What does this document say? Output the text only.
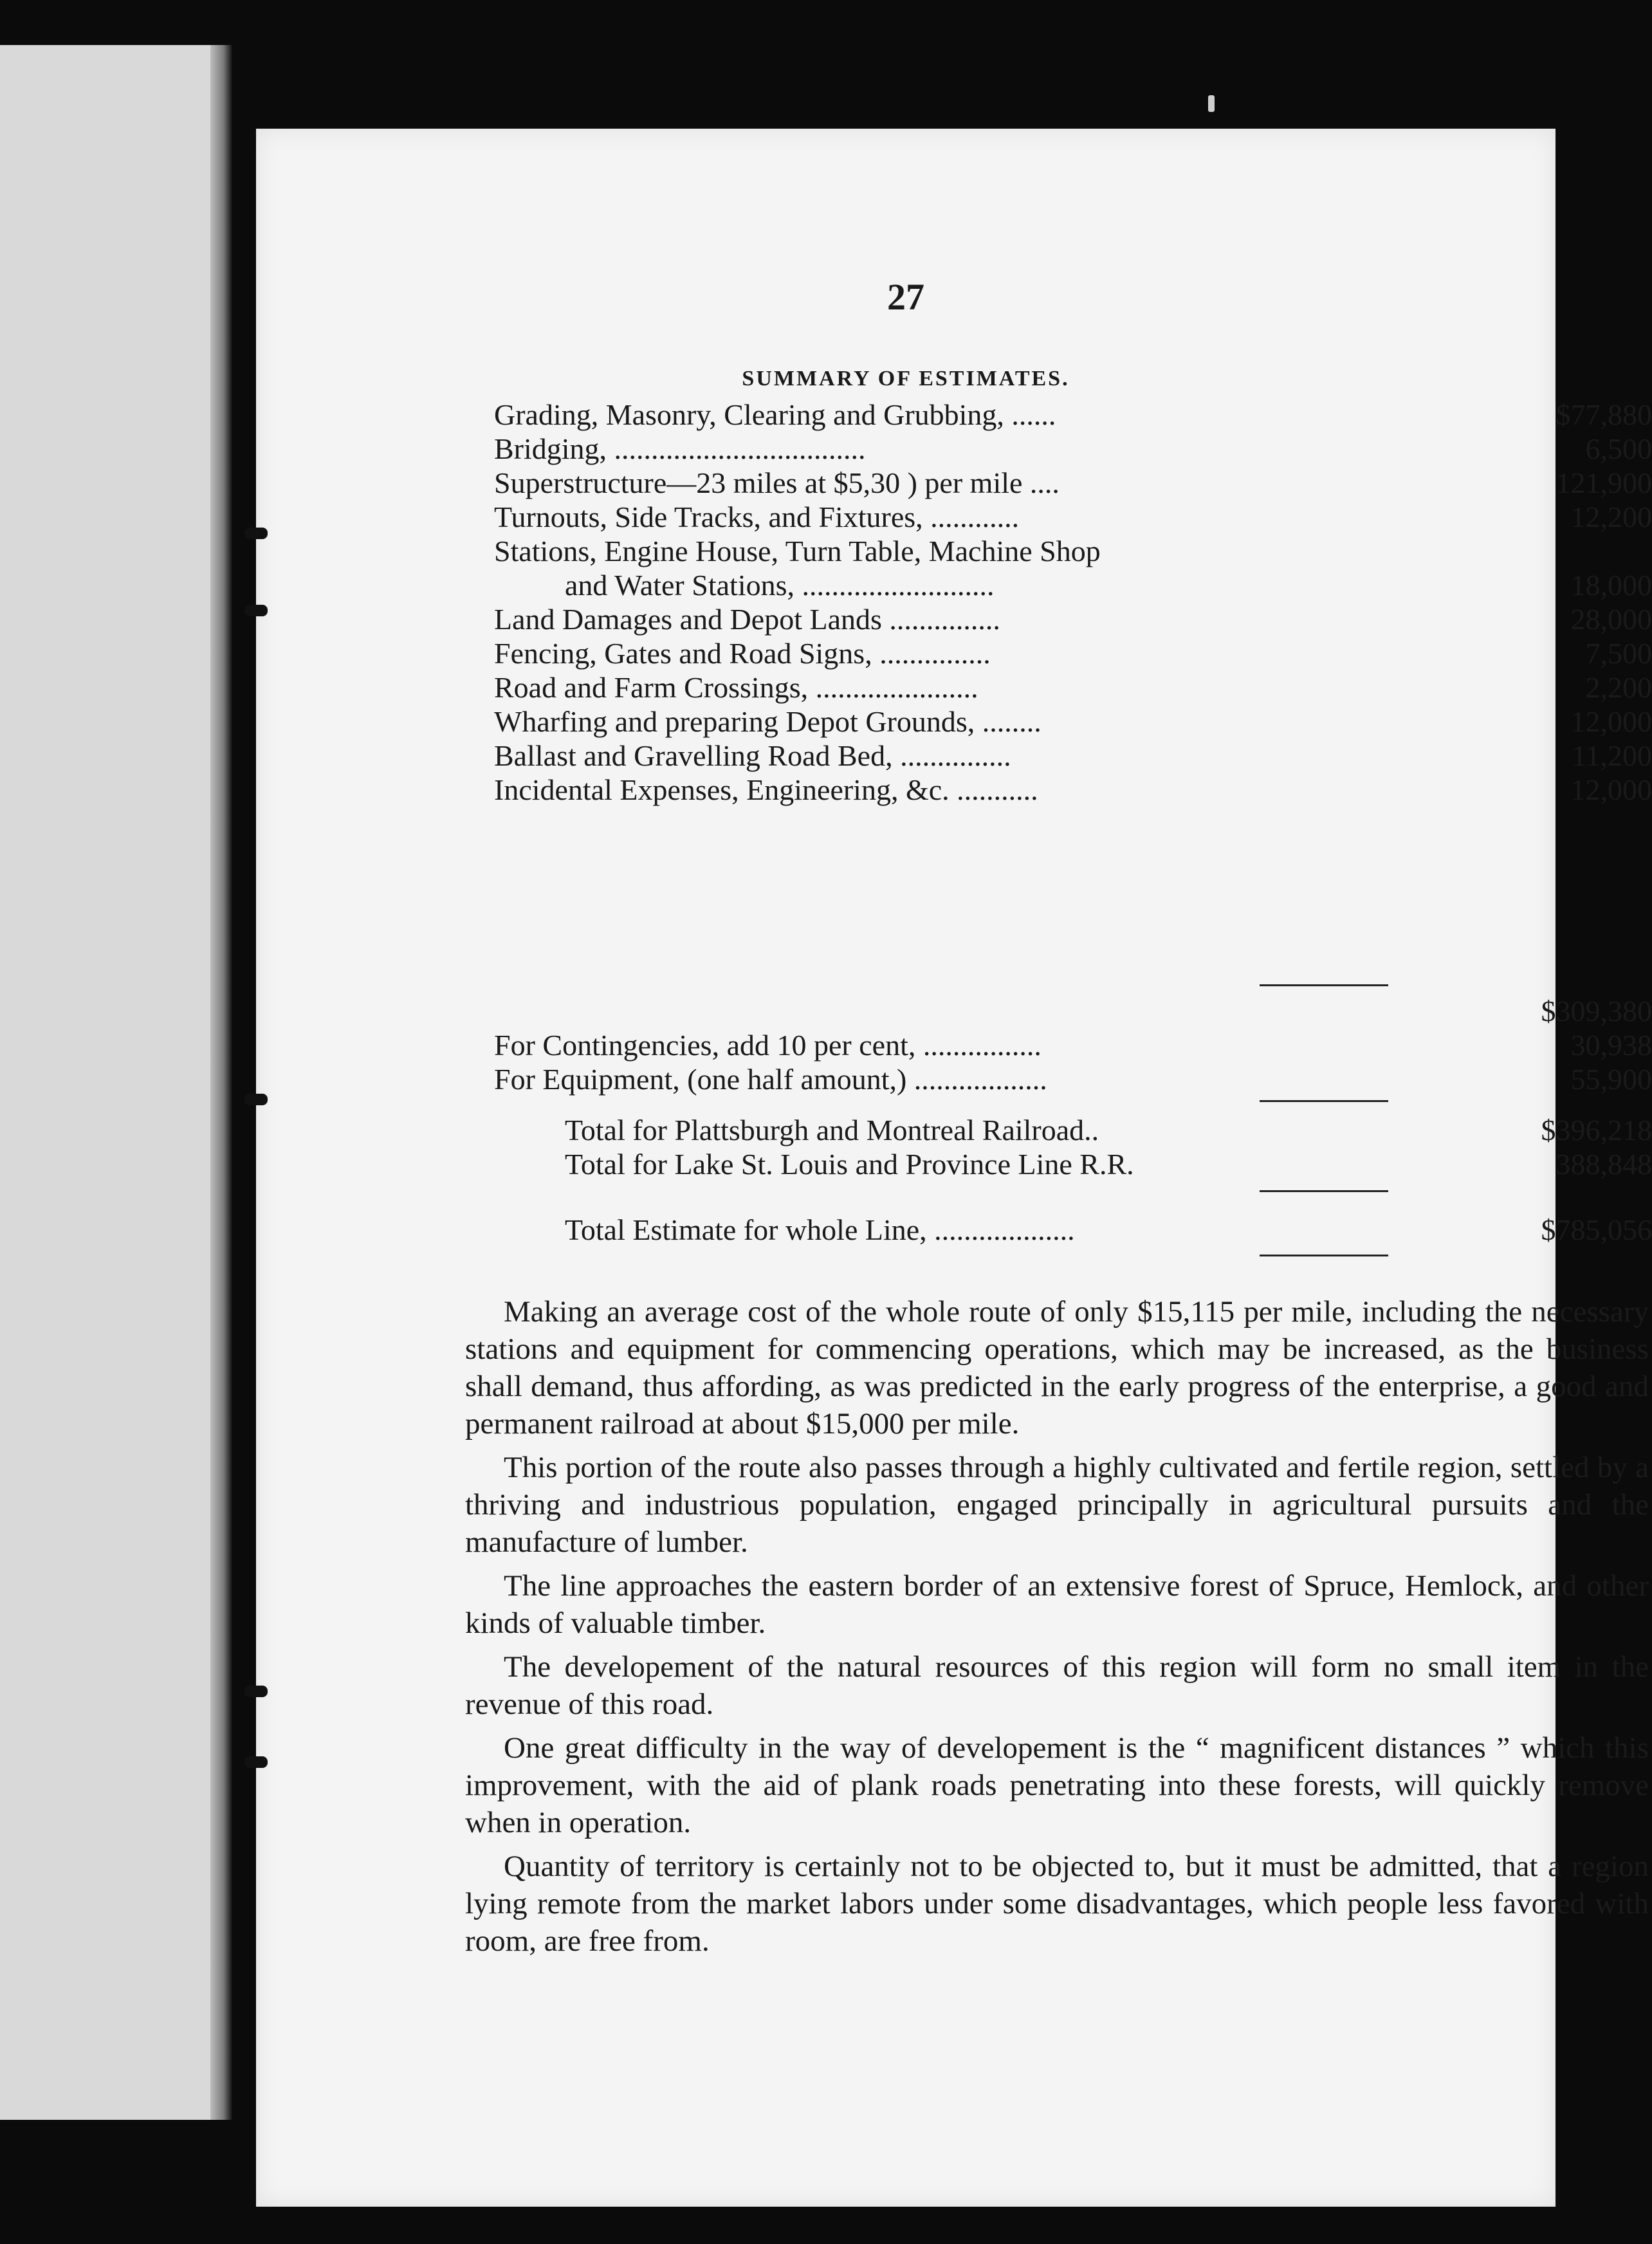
27
SUMMARY OF ESTIMATES.
Grading, Masonry, Clearing and Grubbing, ......	$77,880
Bridging, ..................................	6,500
Superstructure—23 miles at $5,30 ) per mile ....	121,900
Turnouts, Side Tracks, and Fixtures, ............	12,200
Stations, Engine House, Turn Table, Machine Shop
and Water Stations, ..........................	18,000
Land Damages and Depot Lands ...............	28,000
Fencing, Gates and Road Signs, ...............	7,500
Road and Farm Crossings, ......................	2,200
Wharfing and preparing Depot Grounds, ........	12,000
Ballast and Gravelling Road Bed, ...............	11,200
Incidental Expenses, Engineering, &c. ...........	12,000
$309,380
For Contingencies, add 10 per cent, ................	30,938
For Equipment, (one half amount,) ..................	55,900
Total for Plattsburgh and Montreal Railroad..	$396,218
Total for Lake St. Louis and Province Line R.R.	388,848
Total Estimate for whole Line, ...................	$785,056

Making an average cost of the whole route of only $15,115 per mile, including the necessary stations and equipment for commencing operations, which may be increased, as the business shall demand, thus affording, as was predicted in the early progress of the enterprise, a good and permanent railroad at about $15,000 per mile.

This portion of the route also passes through a highly cultivated and fertile region, settled by a thriving and industrious population, engaged principally in agricultural pursuits and the manufacture of lumber.

The line approaches the eastern border of an extensive forest of Spruce, Hemlock, and other kinds of valuable timber.

The developement of the natural resources of this region will form no small item in the revenue of this road.

One great difficulty in the way of developement is the “ magnificent distances ” which this improvement, with the aid of plank roads penetrating into these forests, will quickly remove when in operation.

Quantity of territory is certainly not to be objected to, but it must be admitted, that a region lying remote from the market labors under some disadvantages, which people less favored with room, are free from.
